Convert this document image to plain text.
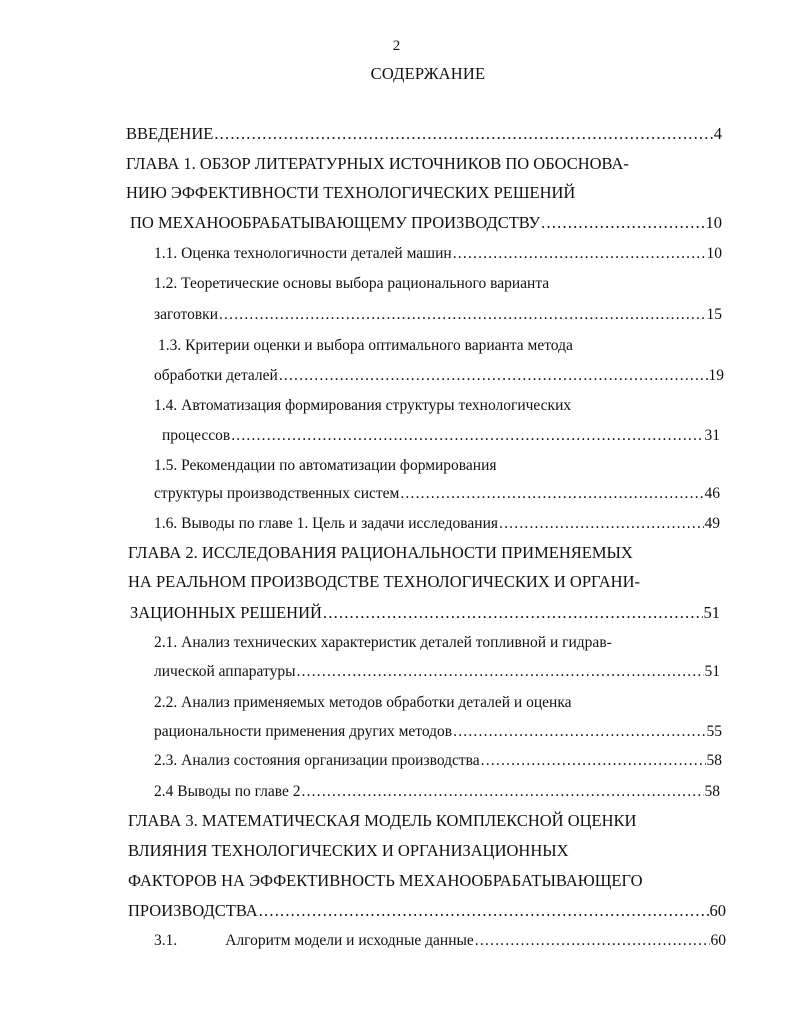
2
СОДЕРЖАНИЕ
ВВЕДЕНИЕ .....	4
ГЛАВА 1. ОБЗОР ЛИТЕРАТУРНЫХ ИСТОЧНИКОВ ПО ОБОСНОВА-
НИЮ ЭФФЕКТИВНОСТИ ТЕХНОЛОГИЧЕСКИХ РЕШЕНИЙ
ПО МЕХАНООБРАБАТЫВАЮЩЕМУ ПРОИЗВОДСТВУ .....	10
1.1. Оценка технологичности деталей машин .....	10
1.2. Теоретические основы выбора рационального варианта
заготовки .....	15
1.3. Критерии оценки и выбора оптимального варианта метода
обработки деталей .....	19
1.4. Автоматизация формирования структуры технологических
процессов .....	31
1.5. Рекомендации по автоматизации формирования
структуры производственных систем .....	46
1.6. Выводы по главе 1. Цель и задачи исследования .....	49
ГЛАВА 2. ИССЛЕДОВАНИЯ РАЦИОНАЛЬНОСТИ ПРИМЕНЯЕМЫХ
НА РЕАЛЬНОМ ПРОИЗВОДСТВЕ ТЕХНОЛОГИЧЕСКИХ И ОРГАНИ-
ЗАЦИОННЫХ РЕШЕНИЙ .....	51
2.1. Анализ технических характеристик деталей топливной и гидрав-
лической аппаратуры .....	51
2.2. Анализ применяемых методов обработки деталей и оценка
рациональности применения других методов .....	55
2.3. Анализ состояния организации производства .....	58
2.4 Выводы по главе 2 .....	58
ГЛАВА 3. МАТЕМАТИЧЕСКАЯ МОДЕЛЬ КОМПЛЕКСНОЙ ОЦЕНКИ
ВЛИЯНИЯ ТЕХНОЛОГИЧЕСКИХ И ОРГАНИЗАЦИОННЫХ
ФАКТОРОВ НА ЭФФЕКТИВНОСТЬ МЕХАНООБРАБАТЫВАЮЩЕГО
ПРОИЗВОДСТВА .....	60
3.1.	Алгоритм модели и исходные данные .....	60
